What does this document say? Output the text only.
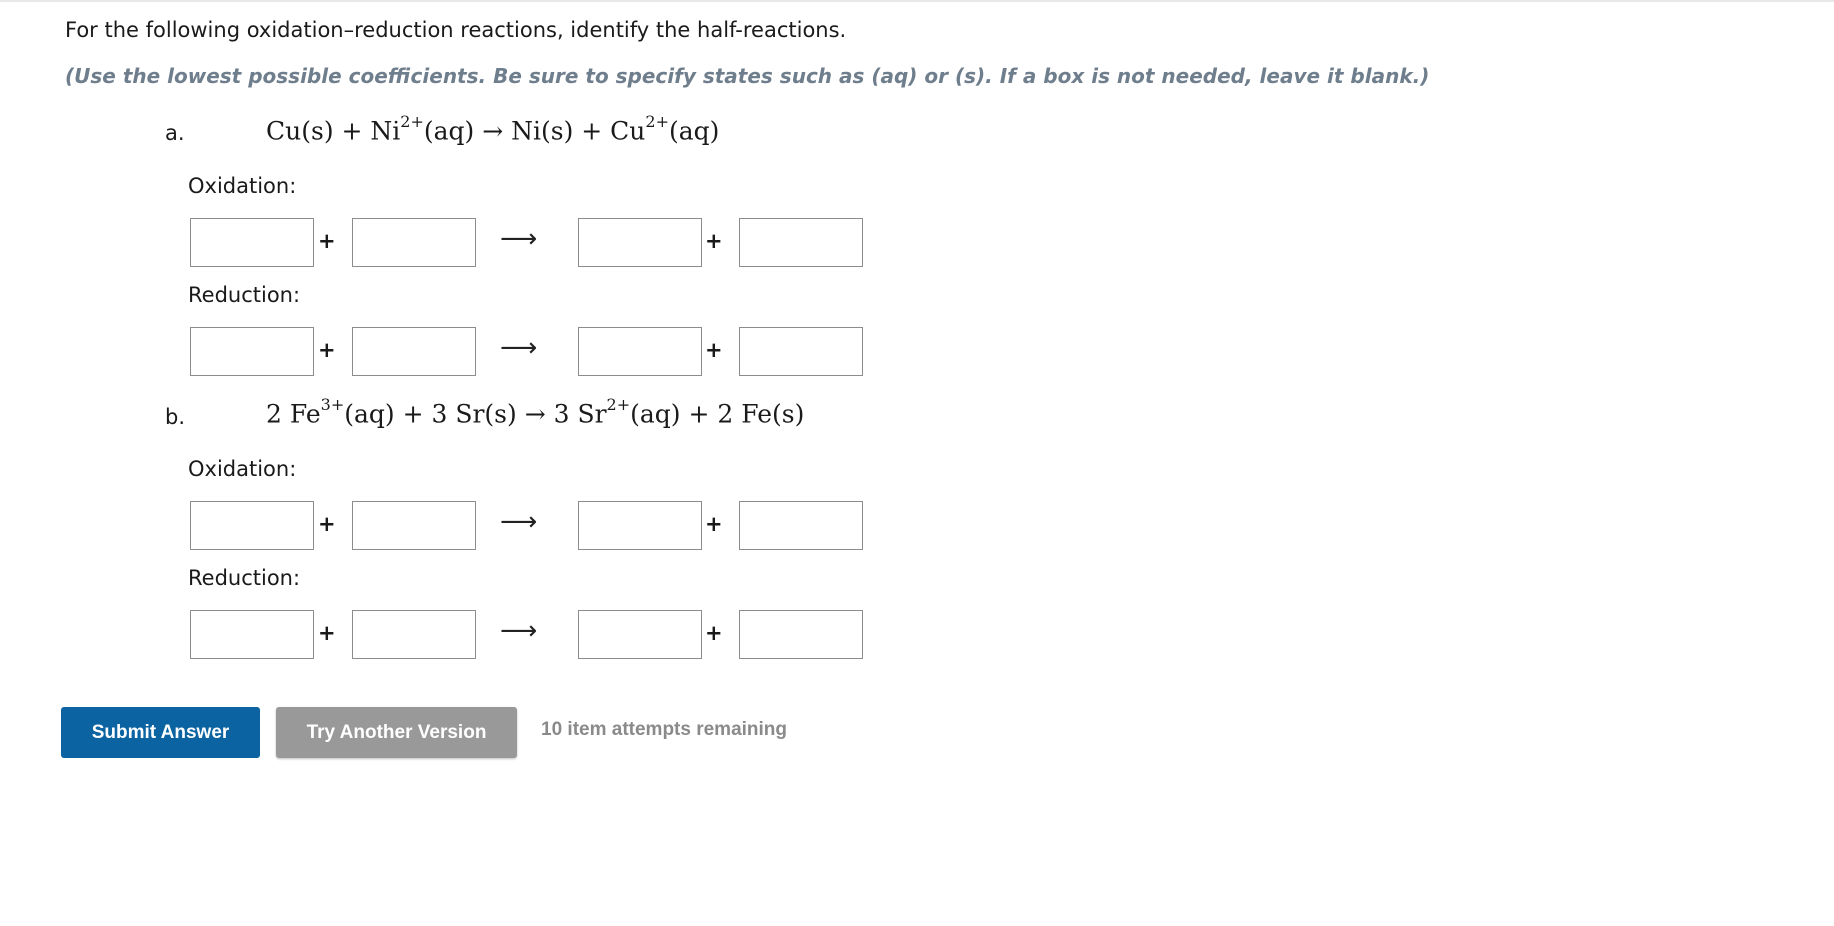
For the following oxidation–reduction reactions, identify the half-reactions.
(Use the lowest possible coefficients. Be sure to specify states such as (aq) or (s). If a box is not needed, leave it blank.)
a.	$Cu(s) + Ni^{2+}(aq) \to Ni(s) + Cu^{2+}(aq)$
Oxidation:
+	⟶	+
Reduction:
+	⟶	+
b.	2 $Fe^{3+}(aq) + 3$ Sr(s) → 3 $Sr^{2+}(aq) + 2$ Fe(s)
Oxidation:
+	⟶	+
Reduction:
+	⟶	+
Submit Answer	Try Another Version	10 item attempts remaining
